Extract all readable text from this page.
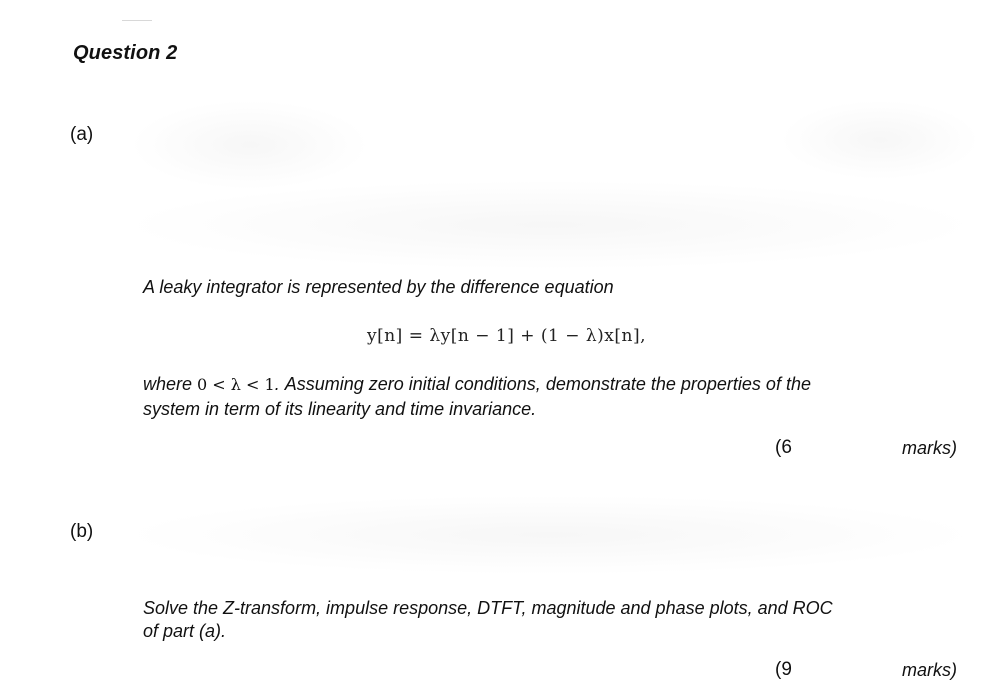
Question 2
(a)
A leaky integrator is represented by the difference equation
y[n] = λy[n − 1] + (1 − λ)x[n],
where 0 < λ < 1. Assuming zero initial conditions, demonstrate the properties of the
system in term of its linearity and time invariance.
(6	marks)
(b)
Solve the Z-transform, impulse response, DTFT, magnitude and phase plots, and ROC
of part (a).
(9	marks)
